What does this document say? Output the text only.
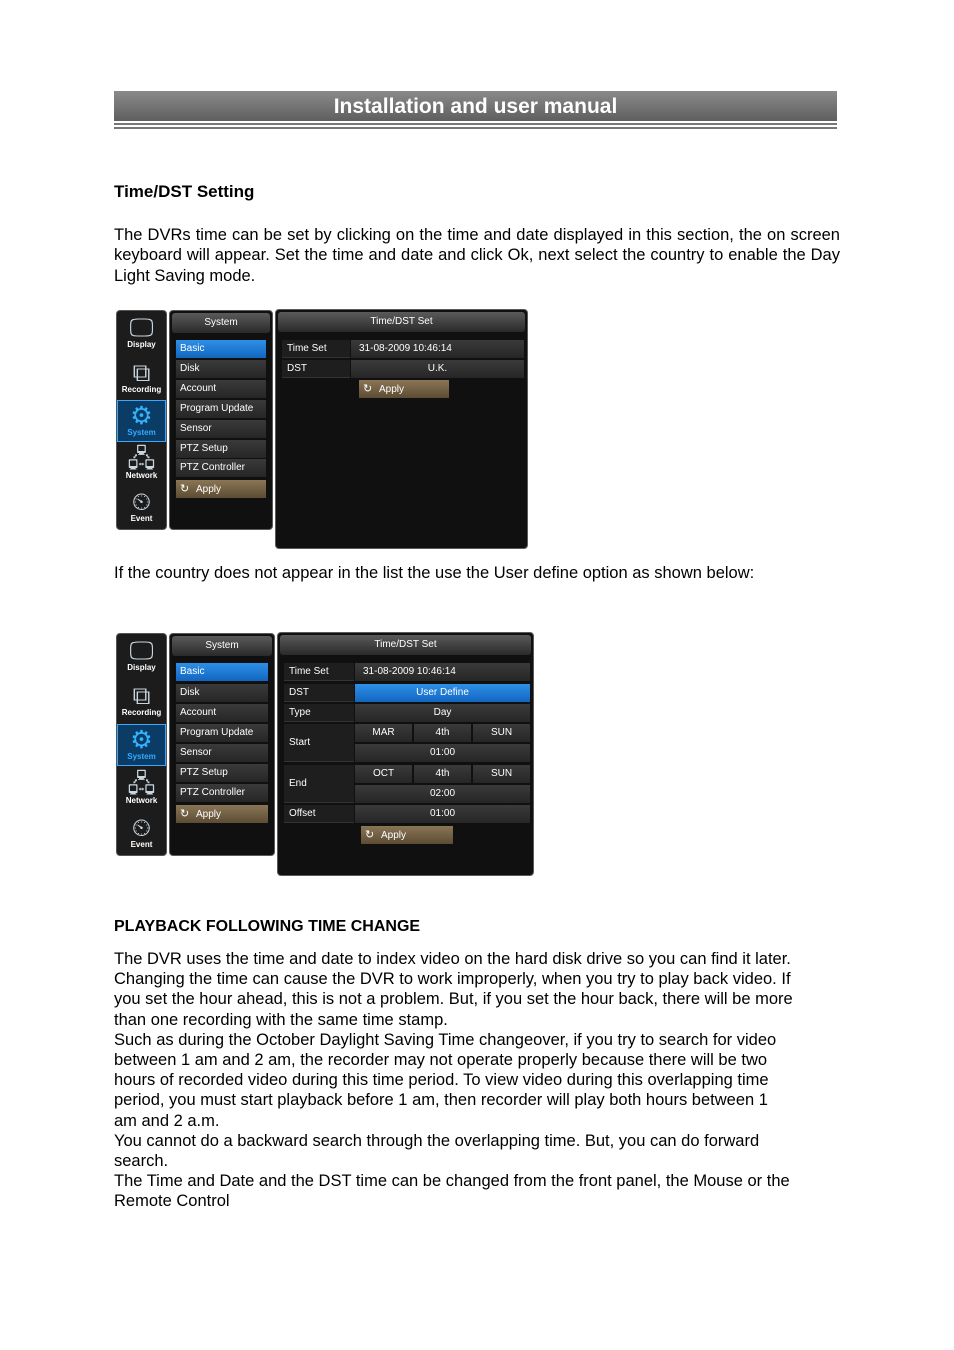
Installation and user manual
Time/DST Setting
The DVRs time can be set by clicking on the time and date displayed in this section, the on screen keyboard will appear. Set the time and date and click Ok, next select the country to enable the Day Light Saving mode.
🖵
Display
⧉
Recording
⚙
System
🖧
Network
⏲
Event
System
Basic
Disk
Account
Program Update
Sensor
PTZ Setup
PTZ Controller
↻ Apply
Time/DST Set
Time Set	31-08-2009 10:46:14
DST	U.K.
↻ Apply
If the country does not appear in the list the use the User define option as shown below:
🖵
Display
⧉
Recording
⚙
System
🖧
Network
⏲
Event
System
Basic
Disk
Account
Program Update
Sensor
PTZ Setup
PTZ Controller
↻ Apply
Time/DST Set
Time Set	31-08-2009 10:46:14
DST	User Define
Type	Day
Start
MAR	4th	SUN
01:00
End
OCT	4th	SUN
02:00
Offset	01:00
↻ Apply
PLAYBACK FOLLOWING TIME CHANGE
The DVR uses the time and date to index video on the hard disk drive so you can find it later.
Changing the time can cause the DVR to work improperly, when you try to play back video. If
you set the hour ahead, this is not a problem. But, if you set the hour back, there will be more
than one recording with the same time stamp.
Such as during the October Daylight Saving Time changeover, if you try to search for video
between 1 am and 2 am, the recorder may not operate properly because there will be two
hours of recorded video during this time period. To view video during this overlapping time
period, you must start playback before 1 am, then recorder will play both hours between 1
am and 2 a.m.
You cannot do a backward search through the overlapping time. But, you can do forward
search.
The Time and Date and the DST time can be changed from the front panel, the Mouse or the
Remote Control
